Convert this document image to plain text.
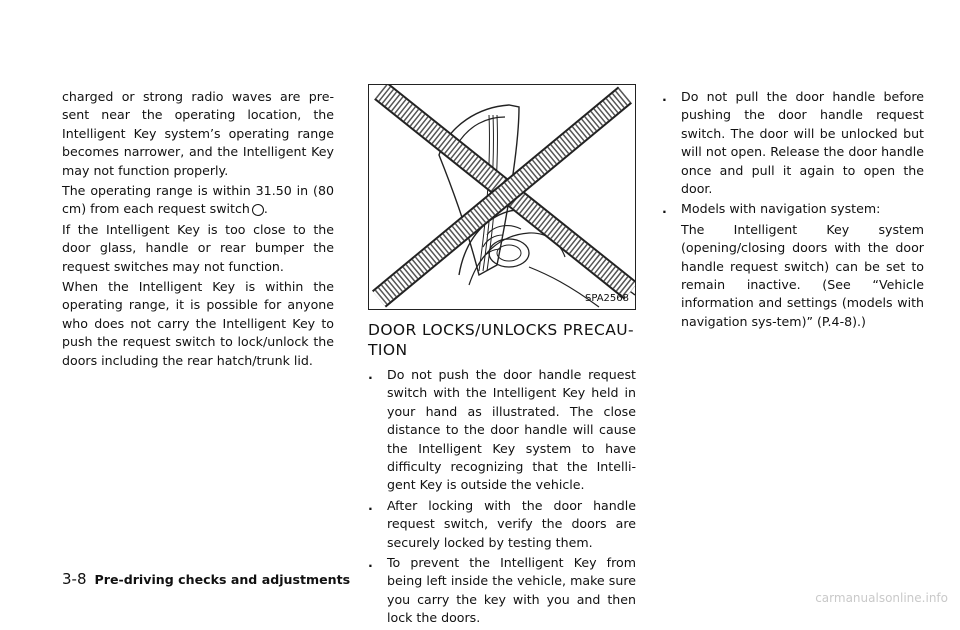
charged or strong radio waves are pre-sent near the operating location, the Intelligent Key system’s operating range becomes narrower, and the Intelligent Key may not function properly.

The operating range is within 31.50 in (80 cm) from each request switch .

If the Intelligent Key is too close to the door glass, handle or rear bumper the request switches may not function.

When the Intelligent Key is within the operating range, it is possible for anyone who does not carry the Intelligent Key to push the request switch to lock/unlock the doors including the rear hatch/trunk lid.

SPA2568
DOOR LOCKS/UNLOCKS PRECAU-TION
. Do not push the door handle request switch with the Intelligent Key held in your hand as illustrated. The close distance to the door handle will cause the Intelligent Key system to have difficulty recognizing that the Intelli-gent Key is outside the vehicle.
. After locking with the door handle request switch, verify the doors are securely locked by testing them.
. To prevent the Intelligent Key from being left inside the vehicle, make sure you carry the key with you and then lock the doors.
. Do not pull the door handle before pushing the door handle request switch. The door will be unlocked but will not open. Release the door handle once and pull it again to open the door.
. Models with navigation system:
The Intelligent Key system (opening/closing doors with the door handle request switch) can be set to remain inactive. (See “Vehicle information and settings (models with navigation sys-tem)” (P.4-8).)
3-8 Pre-driving checks and adjustments
carmanualsonline.info
